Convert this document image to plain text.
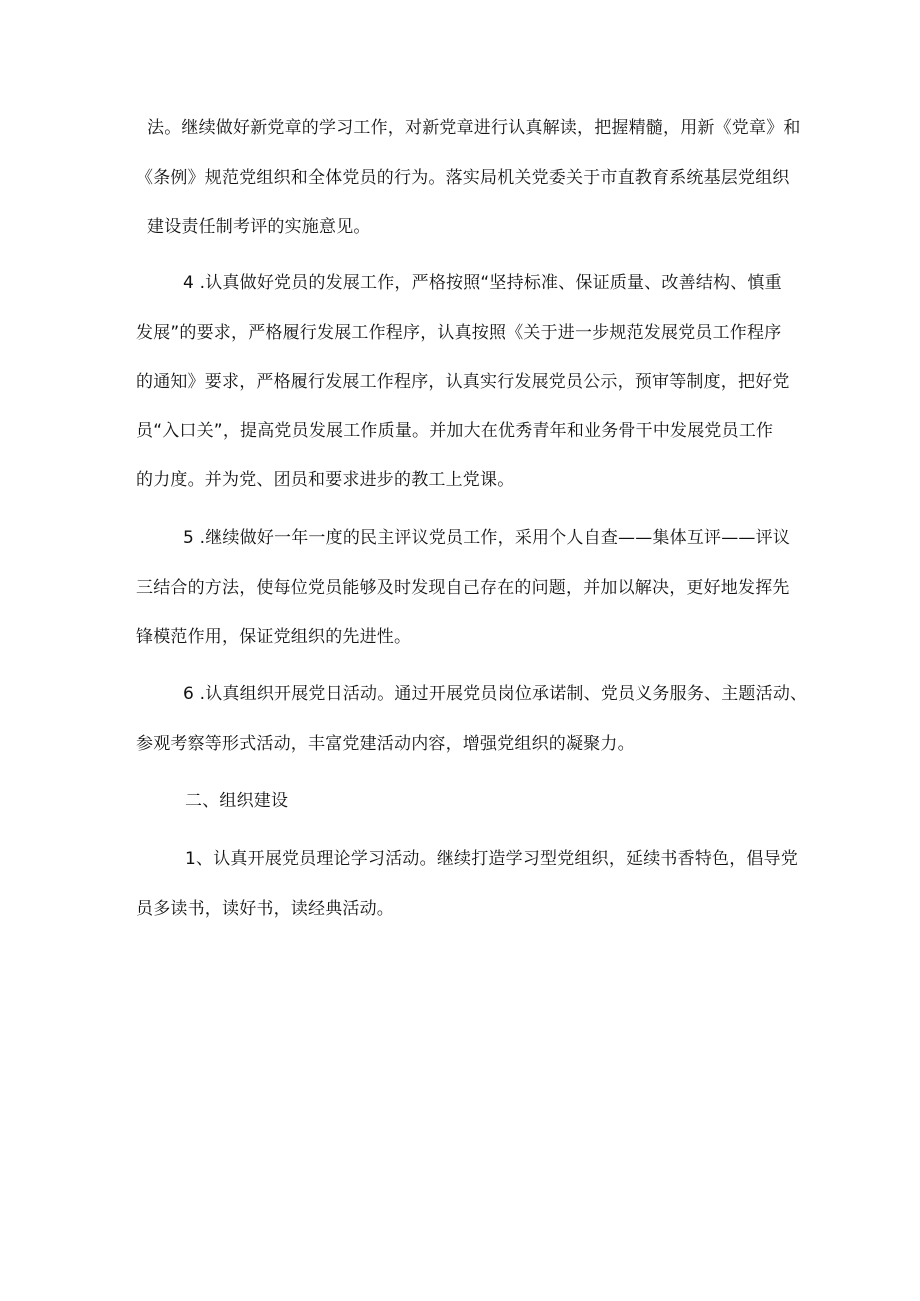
法。继续做好新党章的学习工作，对新党章进行认真解读，把握精髓，用新《党章》和
《条例》规范党组织和全体党员的行为。落实局机关党委关于市直教育系统基层党组织
建设责任制考评的实施意见。
4 .认真做好党员的发展工作，严格按照“坚持标准、保证质量、改善结构、慎重
发展”的要求，严格履行发展工作程序，认真按照《关于进一步规范发展党员工作程序
的通知》要求，严格履行发展工作程序，认真实行发展党员公示，预审等制度，把好党
员“入口关”，提高党员发展工作质量。并加大在优秀青年和业务骨干中发展党员工作
的力度。并为党、团员和要求进步的教工上党课。
5 .继续做好一年一度的民主评议党员工作，采用个人自查——集体互评——评议
三结合的方法，使每位党员能够及时发现自己存在的问题，并加以解决，更好地发挥先
锋模范作用，保证党组织的先进性。
6 .认真组织开展党日活动。通过开展党员岗位承诺制、党员义务服务、主题活动、
参观考察等形式活动，丰富党建活动内容，增强党组织的凝聚力。
二、组织建设
1、认真开展党员理论学习活动。继续打造学习型党组织，延续书香特色，倡导党
员多读书，读好书，读经典活动。
